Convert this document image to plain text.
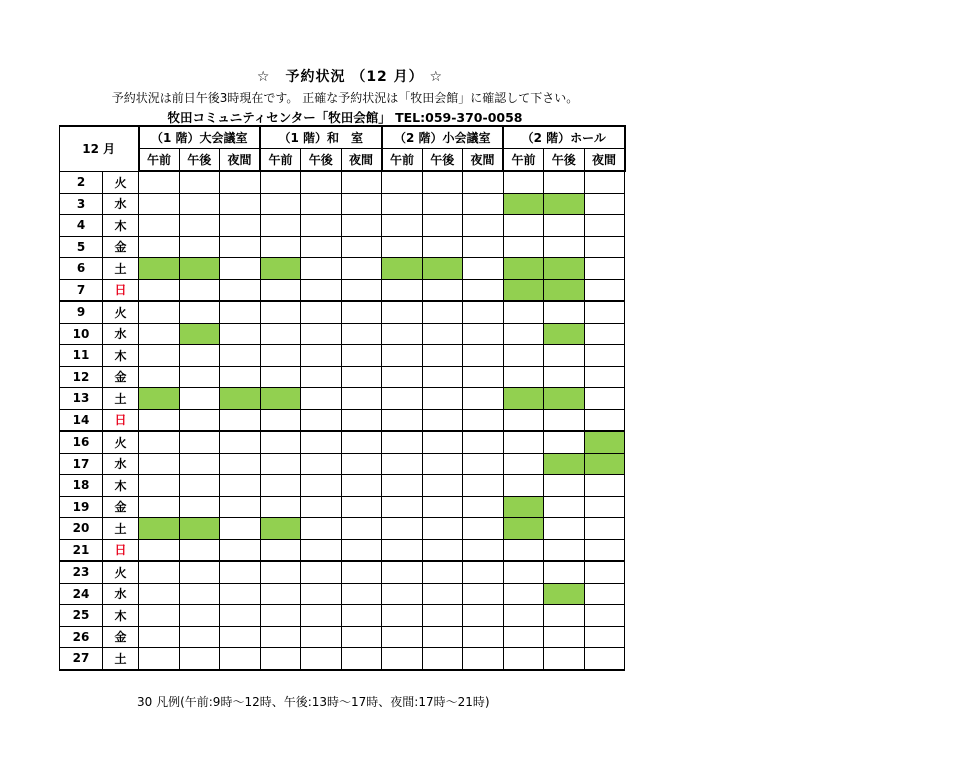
☆　予約状況 （12 月） ☆
予約状況は前日午後3時現在です。 正確な予約状況は「牧田会館」に確認して下さい。
牧田コミュニティセンター「牧田会館」 TEL:059-370-0058
12 月		（1 階）大会議室			（1 階）和　室			（2 階）小会議室			（2 階）ホール		
		午前	午後	夜間	午前	午後	夜間	午前	午後	夜間	午前	午後	夜間
2	火												
3	水												
4	木												
5	金												
6	土												
7	日												
9	火												
10	水												
11	木												
12	金												
13	土												
14	日												
16	火												
17	水												
18	木												
19	金												
20	土												
21	日												
23	火												
24	水												
25	木												
26	金												
27	土												
30 凡例(午前:9時～12時、午後:13時～17時、夜間:17時～21時)
